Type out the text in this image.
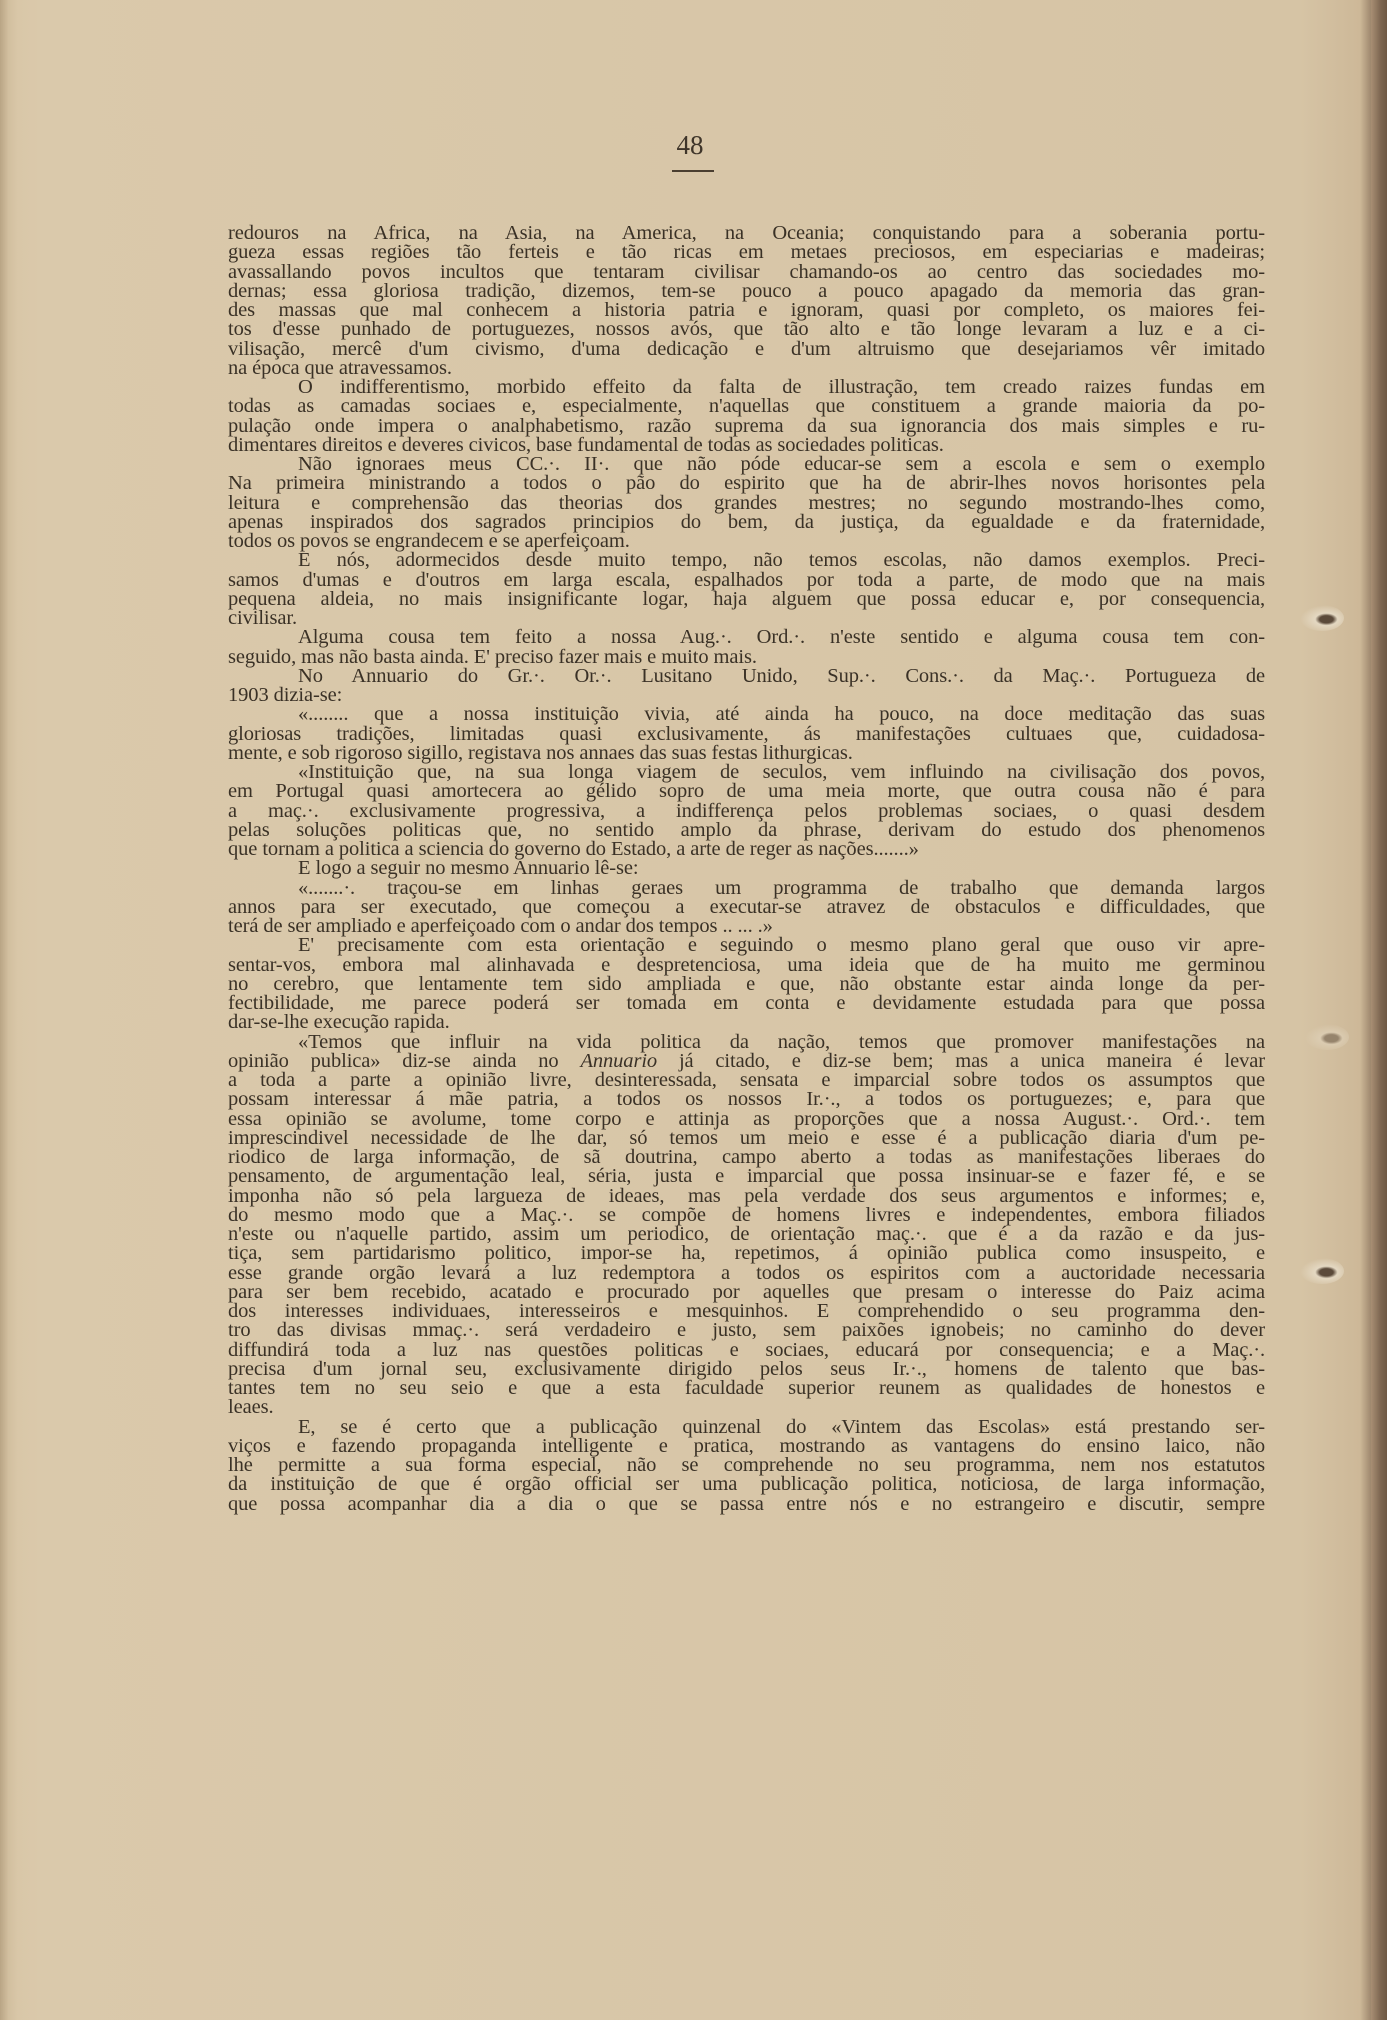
48
redouros na Africa, na Asia, na America, na Oceania; conquistando para a soberania portu-
gueza essas regiões tão ferteis e tão ricas em metaes preciosos, em especiarias e madeiras;
avassallando povos incultos que tentaram civilisar chamando-os ao centro das sociedades mo-
dernas; essa gloriosa tradição, dizemos, tem-se pouco a pouco apagado da memoria das gran-
des massas que mal conhecem a historia patria e ignoram, quasi por completo, os maiores fei-
tos d'esse punhado de portuguezes, nossos avós, que tão alto e tão longe levaram a luz e a ci-
vilisação, mercê d'um civismo, d'uma dedicação e d'um altruismo que desejariamos vêr imitado
na época que atravessamos.
O indifferentismo, morbido effeito da falta de illustração, tem creado raizes fundas em
todas as camadas sociaes e, especialmente, n'aquellas que constituem a grande maioria da po-
pulação onde impera o analphabetismo, razão suprema da sua ignorancia dos mais simples e ru-
dimentares direitos e deveres civicos, base fundamental de todas as sociedades politicas.
Não ignoraes meus CC.·. II·. que não póde educar-se sem a escola e sem o exemplo
Na primeira ministrando a todos o pão do espirito que ha de abrir-lhes novos horisontes pela
leitura e comprehensão das theorias dos grandes mestres; no segundo mostrando-lhes como,
apenas inspirados dos sagrados principios do bem, da justiça, da egualdade e da fraternidade,
todos os povos se engrandecem e se aperfeiçoam.
E nós, adormecidos desde muito tempo, não temos escolas, não damos exemplos. Preci-
samos d'umas e d'outros em larga escala, espalhados por toda a parte, de modo que na mais
pequena aldeia, no mais insignificante logar, haja alguem que possa educar e, por consequencia,
civilisar.
Alguma cousa tem feito a nossa Aug.·. Ord.·. n'este sentido e alguma cousa tem con-
seguido, mas não basta ainda. E' preciso fazer mais e muito mais.
No Annuario do Gr.·. Or.·. Lusitano Unido, Sup.·. Cons.·. da Maç.·. Portugueza de
1903 dizia-se:
«........ que a nossa instituição vivia, até ainda ha pouco, na doce meditação das suas
gloriosas tradições, limitadas quasi exclusivamente, ás manifestações cultuaes que, cuidadosa-
mente, e sob rigoroso sigillo, registava nos annaes das suas festas lithurgicas.
«Instituição que, na sua longa viagem de seculos, vem influindo na civilisação dos povos,
em Portugal quasi amortecera ao gélido sopro de uma meia morte, que outra cousa não é para
a maç.·. exclusivamente progressiva, a indifferença pelos problemas sociaes, o quasi desdem
pelas soluções politicas que, no sentido amplo da phrase, derivam do estudo dos phenomenos
que tornam a politica a sciencia do governo do Estado, a arte de reger as nações.......»
E logo a seguir no mesmo Annuario lê-se:
«.......·. traçou-se em linhas geraes um programma de trabalho que demanda largos
annos para ser executado, que começou a executar-se atravez de obstaculos e difficuldades, que
terá de ser ampliado e aperfeiçoado com o andar dos tempos .. ... .»
E' precisamente com esta orientação e seguindo o mesmo plano geral que ouso vir apre-
sentar-vos, embora mal alinhavada e despretenciosa, uma ideia que de ha muito me germinou
no cerebro, que lentamente tem sido ampliada e que, não obstante estar ainda longe da per-
fectibilidade, me parece poderá ser tomada em conta e devidamente estudada para que possa
dar-se-lhe execução rapida.
«Temos que influir na vida politica da nação, temos que promover manifestações na
opinião publica» diz-se ainda no Annuario já citado, e diz-se bem; mas a unica maneira é levar
a toda a parte a opinião livre, desinteressada, sensata e imparcial sobre todos os assumptos que
possam interessar á mãe patria, a todos os nossos Ir.·., a todos os portuguezes; e, para que
essa opinião se avolume, tome corpo e attinja as proporções que a nossa August.·. Ord.·. tem
imprescindivel necessidade de lhe dar, só temos um meio e esse é a publicação diaria d'um pe-
riodico de larga informação, de sã doutrina, campo aberto a todas as manifestações liberaes do
pensamento, de argumentação leal, séria, justa e imparcial que possa insinuar-se e fazer fé, e se
imponha não só pela largueza de ideaes, mas pela verdade dos seus argumentos e informes; e,
do mesmo modo que a Maç.·. se compõe de homens livres e independentes, embora filiados
n'este ou n'aquelle partido, assim um periodico, de orientação maç.·. que é a da razão e da jus-
tiça, sem partidarismo politico, impor-se ha, repetimos, á opinião publica como insuspeito, e
esse grande orgão levará a luz redemptora a todos os espiritos com a auctoridade necessaria
para ser bem recebido, acatado e procurado por aquelles que presam o interesse do Paiz acima
dos interesses individuaes, interesseiros e mesquinhos. E comprehendido o seu programma den-
tro das divisas mmaç.·. será verdadeiro e justo, sem paixões ignobeis; no caminho do dever
diffundirá toda a luz nas questões politicas e sociaes, educará por consequencia; e a Maç.·.
precisa d'um jornal seu, exclusivamente dirigido pelos seus Ir.·., homens de talento que bas-
tantes tem no seu seio e que a esta faculdade superior reunem as qualidades de honestos e
leaes.
E, se é certo que a publicação quinzenal do «Vintem das Escolas» está prestando ser-
viços e fazendo propaganda intelligente e pratica, mostrando as vantagens do ensino laico, não
lhe permitte a sua forma especial, não se comprehende no seu programma, nem nos estatutos
da instituição de que é orgão official ser uma publicação politica, noticiosa, de larga informação,
que possa acompanhar dia a dia o que se passa entre nós e no estrangeiro e discutir, sempre
